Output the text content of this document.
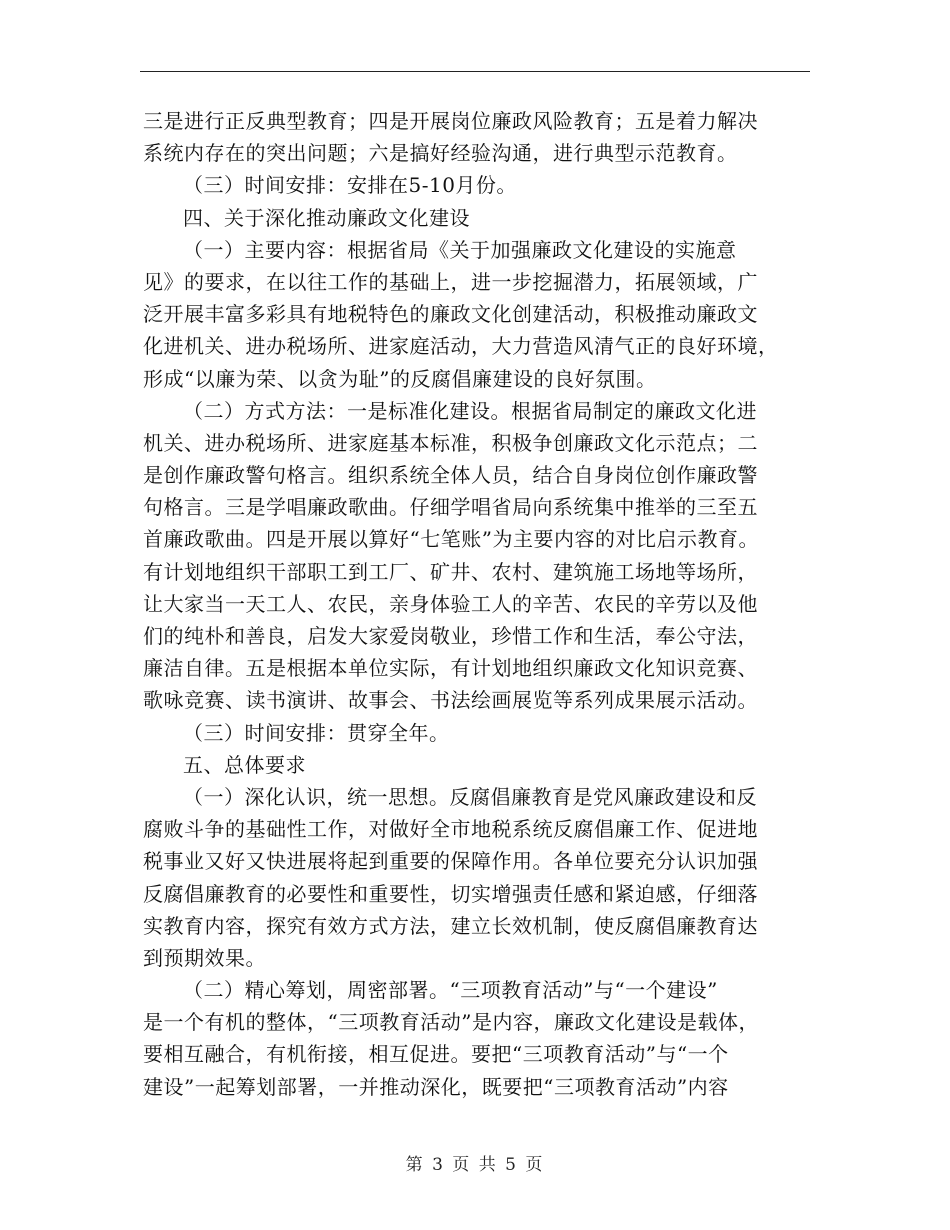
三是进行正反典型教育；四是开展岗位廉政风险教育；五是着力解决
系统内存在的突出问题；六是搞好经验沟通，进行典型示范教育。
（三）时间安排：安排在5-10月份。
四、关于深化推动廉政文化建设
（一）主要内容：根据省局《关于加强廉政文化建设的实施意
见》的要求，在以往工作的基础上，进一步挖掘潜力，拓展领域，广
泛开展丰富多彩具有地税特色的廉政文化创建活动，积极推动廉政文
化进机关、进办税场所、进家庭活动，大力营造风清气正的良好环境，
形成“以廉为荣、以贪为耻”的反腐倡廉建设的良好氛围。
（二）方式方法：一是标准化建设。根据省局制定的廉政文化进
机关、进办税场所、进家庭基本标准，积极争创廉政文化示范点；二
是创作廉政警句格言。组织系统全体人员，结合自身岗位创作廉政警
句格言。三是学唱廉政歌曲。仔细学唱省局向系统集中推举的三至五
首廉政歌曲。四是开展以算好“七笔账”为主要内容的对比启示教育。
有计划地组织干部职工到工厂、矿井、农村、建筑施工场地等场所，
让大家当一天工人、农民，亲身体验工人的辛苦、农民的辛劳以及他
们的纯朴和善良，启发大家爱岗敬业，珍惜工作和生活，奉公守法，
廉洁自律。五是根据本单位实际，有计划地组织廉政文化知识竞赛、
歌咏竞赛、读书演讲、故事会、书法绘画展览等系列成果展示活动。
（三）时间安排：贯穿全年。
五、总体要求
（一）深化认识，统一思想。反腐倡廉教育是党风廉政建设和反
腐败斗争的基础性工作，对做好全市地税系统反腐倡廉工作、促进地
税事业又好又快进展将起到重要的保障作用。各单位要充分认识加强
反腐倡廉教育的必要性和重要性，切实增强责任感和紧迫感，仔细落
实教育内容，探究有效方式方法，建立长效机制，使反腐倡廉教育达
到预期效果。
（二）精心筹划，周密部署。“三项教育活动”与“一个建设”
是一个有机的整体，“三项教育活动”是内容，廉政文化建设是载体，
要相互融合，有机衔接，相互促进。要把“三项教育活动”与“一个
建设”一起筹划部署，一并推动深化，既要把“三项教育活动”内容
第 3 页 共 5 页
